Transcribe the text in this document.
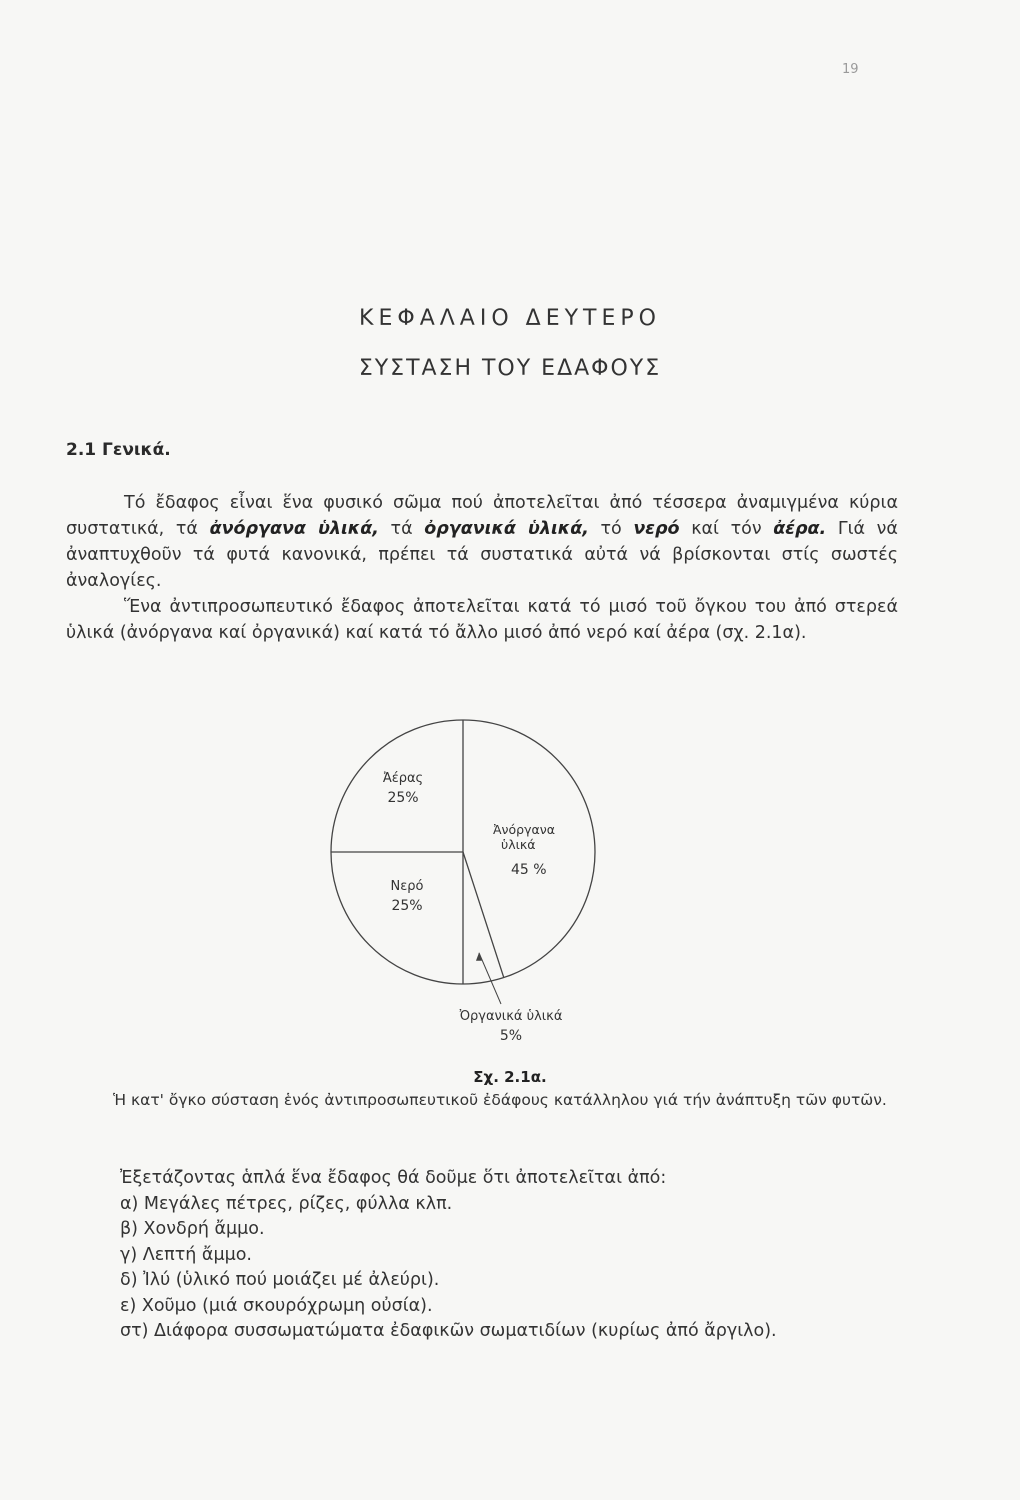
19
ΚΕΦΑΛΑΙΟ ΔΕΥΤΕΡΟ
ΣΥΣΤΑΣΗ ΤΟΥ ΕΔΑΦΟΥΣ
2.1 Γενικά.
Τό ἔδαφος εἶναι ἕνα φυσικό σῶμα πού ἀποτελεῖται ἀπό τέσσερα ἀναμιγμένα κύρια συστατικά, τά ἀνόργανα ὑλικά, τά ὀργανικά ὑλικά, τό νερό καί τόν ἀέρα. Γιά νά ἀναπτυχθοῦν τά φυτά κανονικά, πρέπει τά συστατικά αὐτά νά βρίσκονται στίς σωστές ἀναλογίες.
Ἕνα ἀντιπροσωπευτικό ἔδαφος ἀποτελεῖται κατά τό μισό τοῦ ὄγκου του ἀπό στερεά ὑλικά (ἀνόργανα καί ὀργανικά) καί κατά τό ἄλλο μισό ἀπό νερό καί ἀέρα (σχ. 2.1α).
Ἀνόργανα
ὑλικά
45 %
Ὀργανικά ὑλικά
5%
Νερό
25%
Ἀέρας
25%
Σχ. 2.1α.
Ἡ κατ' ὄγκο σύσταση ἑνός ἀντιπροσωπευτικοῦ ἐδάφους κατάλληλου γιά τήν ἀνάπτυξη τῶν φυτῶν.
Ἐξετάζοντας ἁπλά ἕνα ἔδαφος θά δοῦμε ὅτι ἀποτελεῖται ἀπό:
α) Μεγάλες πέτρες, ρίζες, φύλλα κλπ.
β) Χονδρή ἄμμο.
γ) Λεπτή ἄμμο.
δ) Ἰλύ (ὑλικό πού μοιάζει μέ ἀλεύρι).
ε) Χοῦμο (μιά σκουρόχρωμη οὐσία).
στ) Διάφορα συσσωματώματα ἐδαφικῶν σωματιδίων (κυρίως ἀπό ἄργιλο).
